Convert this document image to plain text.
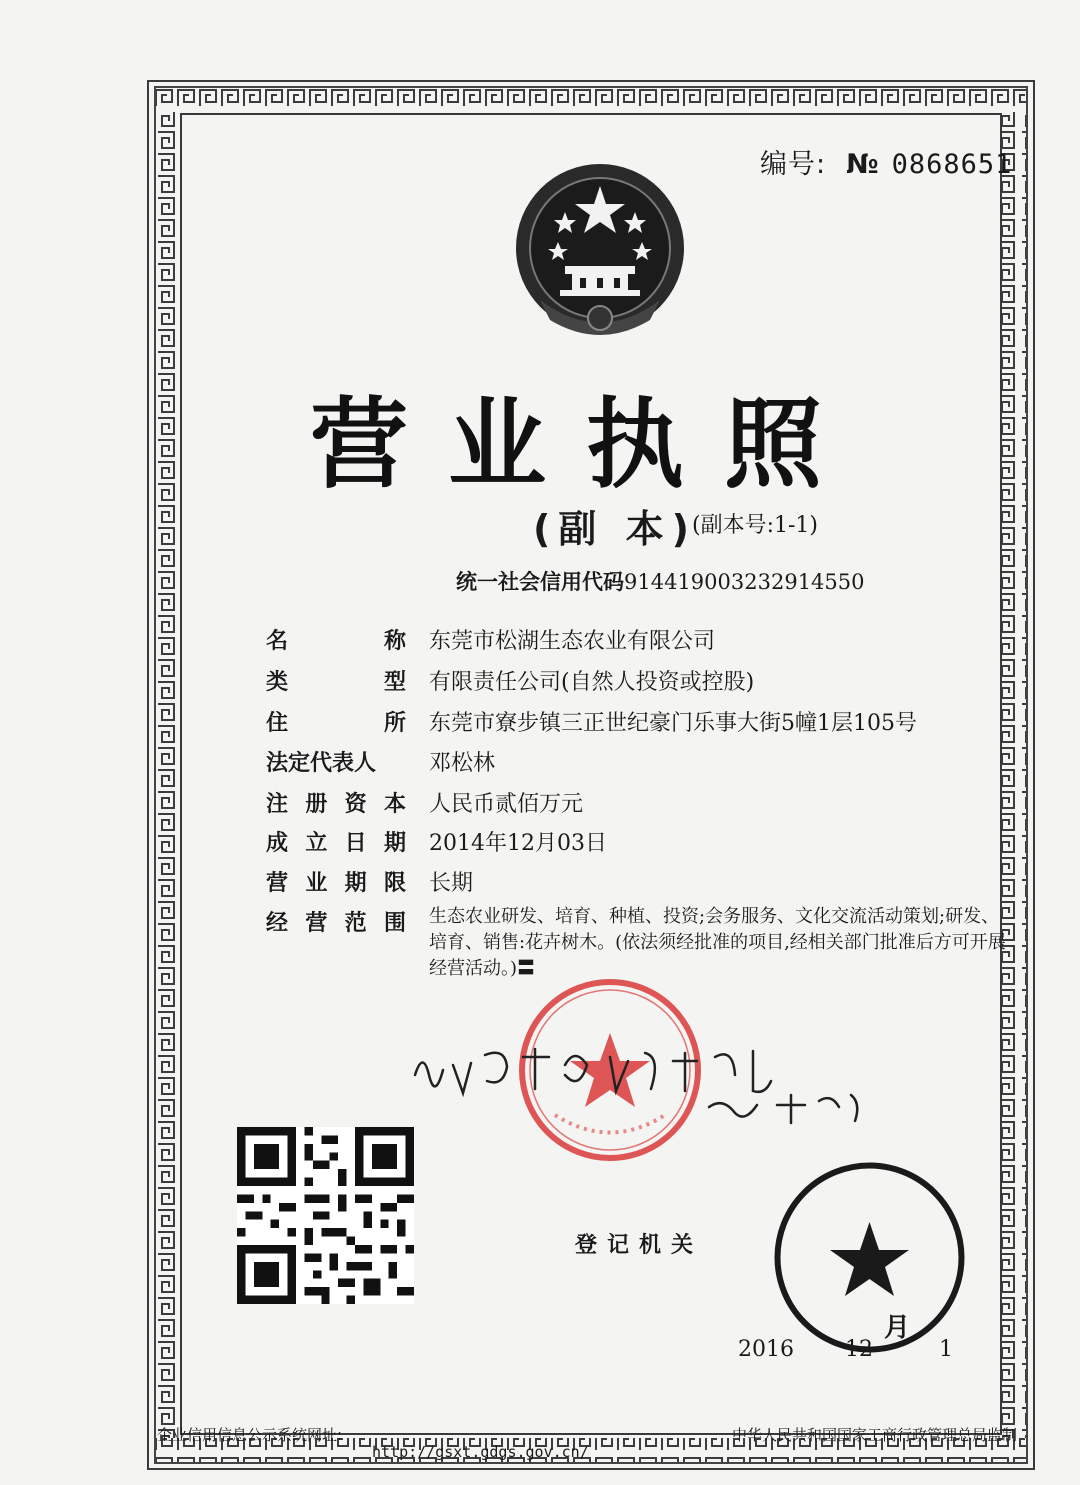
编号: № 0868651
营业执照
(副 本)
(副本号:1-1)
统一社会信用代码914419003232914550
名	称 东莞市松湖生态农业有限公司
类	型 有限责任公司(自然人投资或控股)
住	所 东莞市寮步镇三正世纪豪门乐事大街5幢1层105号
法定代表人	邓松林
注 册 资 本 人民币贰佰万元
成 立 日 期 2014年12月03日
营 业 期 限 长期
经 营 范 围 生态农业研发、培育、种植、投资;会务服务、文化交流活动策划;研发、培育、销售:花卉树木。(依法须经批准的项目,经相关部门批准后方可开展经营活动。)〓
登记机关
2016 12 月 1
企业信用信息公示系统网址:
http://gsxt.gdgs.gov.cn/
中华人民共和国国家工商行政管理总局监制
